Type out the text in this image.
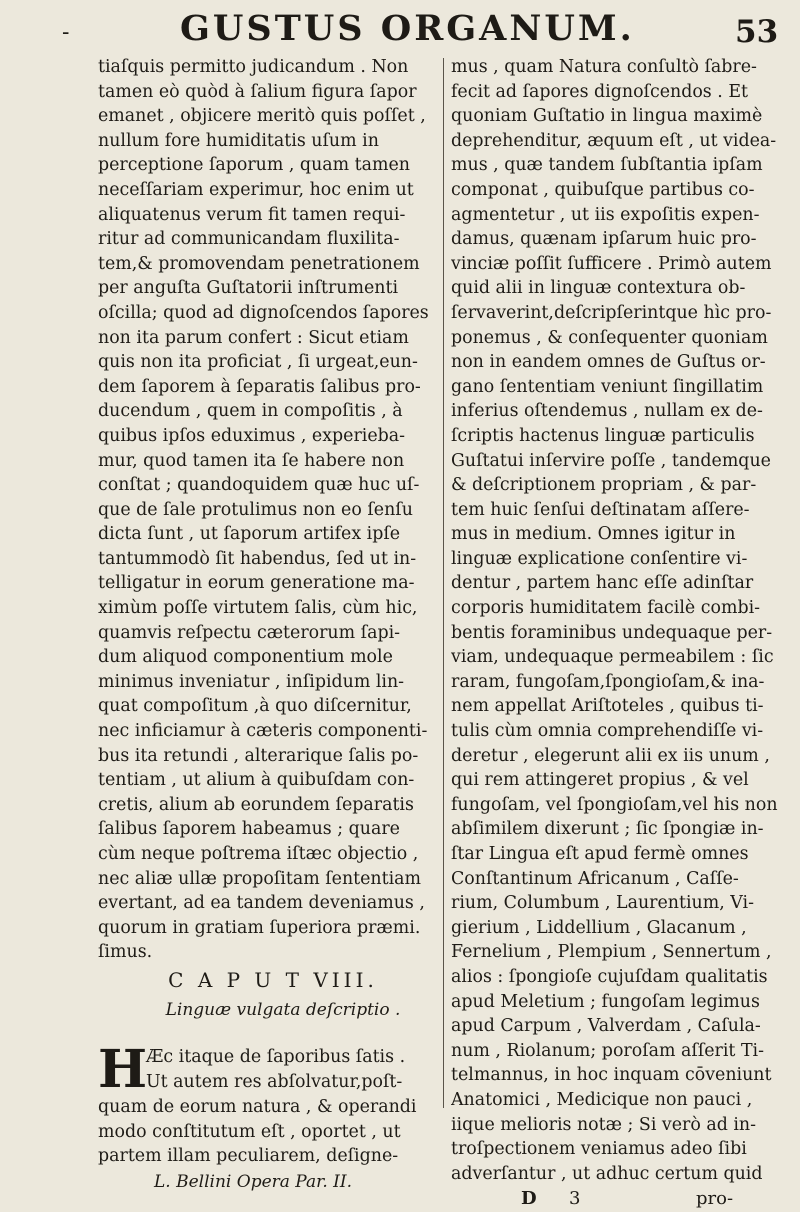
-	GUSTUS ORGANUM.	53
tiaſquis permitto judicandum . Non
tamen eò quòd à ſalium figura ſapor
emanet , objicere meritò quis poſſet ,
nullum fore humiditatis uſum in
perceptione ſaporum , quam tamen
neceſſariam experimur, hoc enim ut
aliquatenus verum fit tamen requi-
ritur ad communicandam fluxilita-
tem,& promovendam penetrationem
per anguſta Guſtatorii inſtrumenti
oſcilla; quod ad dignoſcendos ſapores
non ita parum confert : Sicut etiam
quis non ita proficiat , ſi urgeat,eun-
dem ſaporem à ſeparatis ſalibus pro-
ducendum , quem in compoſitis , à
quibus ipſos eduximus , experieba-
mur, quod tamen ita ſe habere non
conſtat ; quandoquidem quæ huc uſ-
que de ſale protulimus non eo ſenſu
dicta ſunt , ut ſaporum artifex ipſe
tantummodò ſit habendus, ſed ut in-
telligatur in eorum generatione ma-
ximùm poſſe virtutem ſalis, cùm hic,
quamvis reſpectu cæterorum ſapi-
dum aliquod componentium mole
minimus inveniatur , inſipidum lin-
quat compoſitum ,à quo diſcernitur,
nec inficiamur à cæteris componenti-
bus ita retundi , alterarique ſalis po-
tentiam , ut alium à quibuſdam con-
cretis, alium ab eorundem ſeparatis
ſalibus ſaporem habeamus ; quare
cùm neque poſtrema iſtæc objectio ,
nec aliæ ullæ propoſitam ſententiam
evertant, ad ea tandem deveniamus ,
quorum in gratiam ſuperiora præmi.
ſimus.
C A P U T VIII.
Linguæ vulgata deſcriptio .
H
Æc itaque de ſaporibus ſatis .
Ut autem res abſolvatur,poſt-
quam de eorum natura , & operandi
modo conſtitutum eſt , oportet , ut
partem illam peculiarem, deſigne-
L. Bellini Opera Par. II.
mus , quam Natura conſultò ſabre-
fecit ad ſapores dignoſcendos . Et
quoniam Guſtatio in lingua maximè
deprehenditur, æquum eſt , ut videa-
mus , quæ tandem ſubſtantia ipſam
componat , quibuſque partibus co-
agmentetur , ut iis expoſitis expen-
damus, quænam ipſarum huic pro-
vinciæ poſſit ſufficere . Primò autem
quid alii in linguæ contextura ob-
ſervaverint,deſcripſerintque hìc pro-
ponemus , & conſequenter quoniam
non in eandem omnes de Guſtus or-
gano ſententiam veniunt ſingillatim
inferius oſtendemus , nullam ex de-
ſcriptis hactenus linguæ particulis
Guſtatui inſervire poſſe , tandemque
& deſcriptionem propriam , & par-
tem huic ſenſui deſtinatam aſſere-
mus in medium. Omnes igitur in
linguæ explicatione conſentire vi-
dentur , partem hanc eſſe adinſtar
corporis humiditatem facilè combi-
bentis foraminibus undequaque per-
viam, undequaque permeabilem : ſic
raram, fungoſam,ſpongioſam,& ina-
nem appellat Ariſtoteles , quibus ti-
tulis cùm omnia comprehendiſſe vi-
deretur , elegerunt alii ex iis unum ,
qui rem attingeret propius , & vel
fungoſam, vel ſpongioſam,vel his non
abſimilem dixerunt ; ſic ſpongiæ in-
ſtar Lingua eſt apud fermè omnes
Conſtantinum Africanum , Caſſe-
rium, Columbum , Laurentium, Vi-
gierium , Liddellium , Glacanum ,
Fernelium , Plempium , Sennertum ,
alios : ſpongioſe cujuſdam qualitatis
apud Meletium ; fungoſam legimus
apud Carpum , Valverdam , Caſula-
num , Riolanum; poroſam aſſerit Ti-
telmannus, in hoc inquam cōveniunt
Anatomici , Medicique non pauci ,
iique melioris notæ ; Si verò ad in-
troſpectionem veniamus adeo ſibi
adverſantur , ut adhuc certum quid
D 3	pro-
